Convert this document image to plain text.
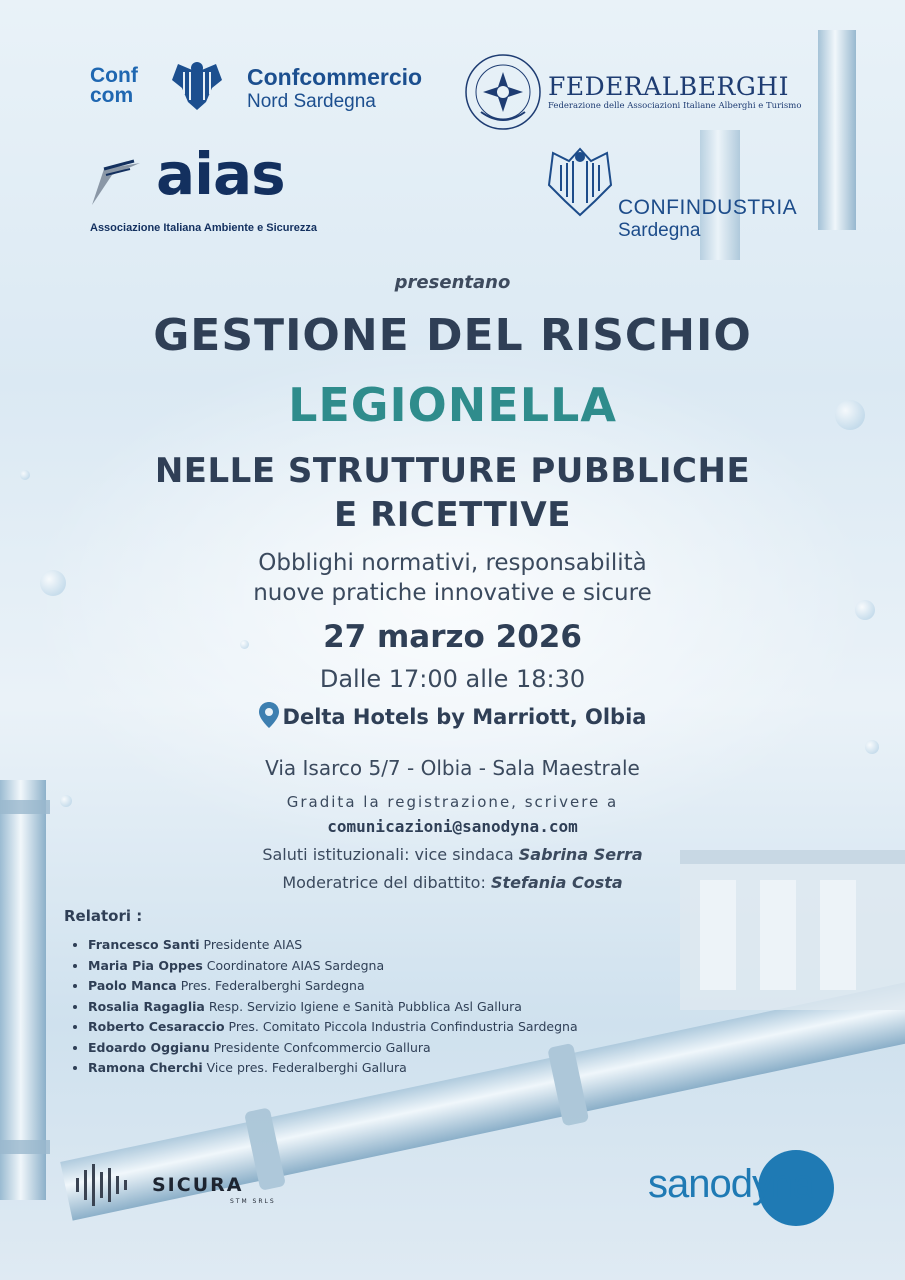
Conf
com
Confcommercio
Nord Sardegna
FEDERALBERGHI
Federazione delle Associazioni Italiane Alberghi e Turismo
aias
Associazione Italiana Ambiente e Sicurezza
CONFINDUSTRIA
Sardegna
presentano
GESTIONE DEL RISCHIO
LEGIONELLA
NELLE STRUTTURE PUBBLICHE
E RICETTIVE
Obblighi normativi, responsabilità
nuove pratiche innovative e sicure
27 marzo 2026
Dalle 17:00 alle 18:30
Delta Hotels by Marriott, Olbia
Via Isarco 5/7 - Olbia - Sala Maestrale
Gradita la registrazione, scrivere a
comunicazioni@sanodyna.com
Saluti istituzionali: vice sindaca Sabrina Serra
Moderatrice del dibattito: Stefania Costa
Relatori :
• Francesco Santi Presidente AIAS
• Maria Pia Oppes Coordinatore AIAS Sardegna
• Paolo Manca Pres. Federalberghi Sardegna
• Rosalia Ragaglia Resp. Servizio Igiene e Sanità Pubblica Asl Gallura
• Roberto Cesaraccio Pres. Comitato Piccola Industria Confindustria Sardegna
• Edoardo Oggianu Presidente Confcommercio Gallura
• Ramona Cherchi Vice pres. Federalberghi Gallura
SICURA
STM SRLS	sanodyna
